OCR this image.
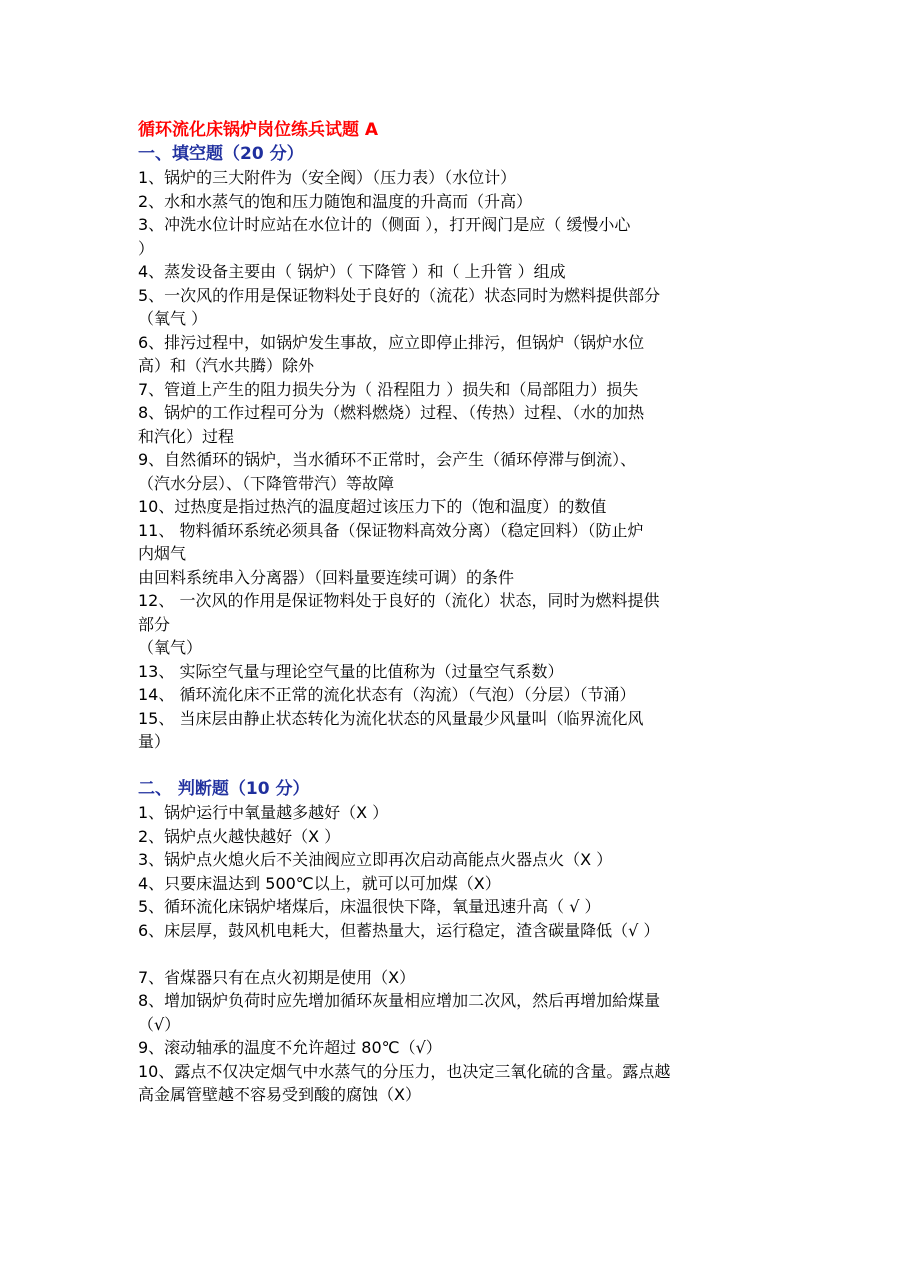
循环流化床锅炉岗位练兵试题 A
一、填空题（20 分）
1、锅炉的三大附件为（安全阀）（压力表）（水位计）
2、水和水蒸气的饱和压力随饱和温度的升高而（升高）
3、冲洗水位计时应站在水位计的（侧面 ），打开阀门是应（ 缓慢小心
）
4、蒸发设备主要由（ 锅炉）（ 下降管 ）和（ 上升管 ）组成
5、一次风的作用是保证物料处于良好的（流花）状态同时为燃料提供部分
（氧气 ）
6、排污过程中，如锅炉发生事故，应立即停止排污，但锅炉（锅炉水位
高）和（汽水共腾）除外
7、管道上产生的阻力损失分为（ 沿程阻力 ）损失和（局部阻力）损失
8、锅炉的工作过程可分为（燃料燃烧）过程、（传热）过程、（水的加热
和汽化）过程
9、自然循环的锅炉，当水循环不正常时，会产生（循环停滞与倒流）、
（汽水分层）、（下降管带汽）等故障
10、过热度是指过热汽的温度超过该压力下的（饱和温度）的数值
11、 物料循环系统必须具备（保证物料高效分离）（稳定回料）（防止炉
内烟气
由回料系统串入分离器）（回料量要连续可调）的条件
12、 一次风的作用是保证物料处于良好的（流化）状态，同时为燃料提供
部分
（氧气）
13、 实际空气量与理论空气量的比值称为（过量空气系数）
14、 循环流化床不正常的流化状态有（沟流）（气泡）（分层）（节涌）
15、 当床层由静止状态转化为流化状态的风量最少风量叫（临界流化风
量）
二、 判断题（10 分）
1、锅炉运行中氧量越多越好（X ）
2、锅炉点火越快越好（X ）
3、锅炉点火熄火后不关油阀应立即再次启动高能点火器点火（X ）
4、只要床温达到 500℃以上，就可以可加煤（X）
5、循环流化床锅炉堵煤后，床温很快下降，氧量迅速升高（ √ ）
6、床层厚，鼓风机电耗大，但蓄热量大，运行稳定，渣含碳量降低（√ ）
7、省煤器只有在点火初期是使用（X）
8、增加锅炉负荷时应先增加循环灰量相应增加二次风，然后再增加給煤量
（√）
9、滚动轴承的温度不允许超过 80℃（√）
10、露点不仅决定烟气中水蒸气的分压力，也决定三氧化硫的含量。露点越
高金属管壁越不容易受到酸的腐蚀（X）
